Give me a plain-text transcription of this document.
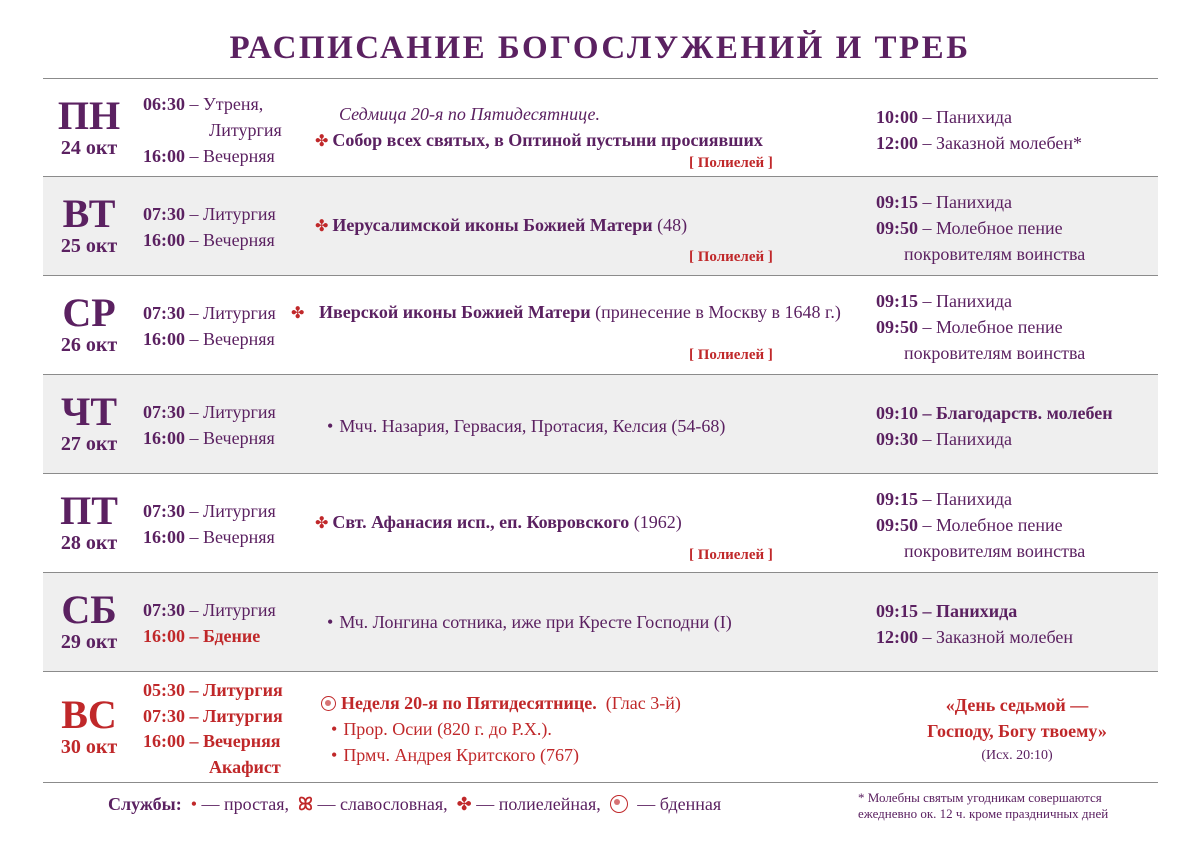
РАСПИСАНИЕ БОГОСЛУЖЕНИЙ И ТРЕБ
ПН
24 окт
06:30 – Утреня,
Литургия
16:00 – Вечерняя
Седмица 20-я по Пятидесятнице.
✤ Собор всех святых, в Оптиной пустыни просиявших
[ Полиелей ]
10:00 – Панихида
12:00 – Заказной молебен*
ВТ
25 окт
07:30 – Литургия
16:00 – Вечерняя
✤ Иерусалимской иконы Божией Матери (48)
[ Полиелей ]
09:15 – Панихида
09:50 – Молебное пение
покровителям воинства
СР
26 окт
07:30 – Литургия
16:00 – Вечерняя
✤ Иверской иконы Божией Матери (принесение в Москву в 1648 г.)
[ Полиелей ]
09:15 – Панихида
09:50 – Молебное пение
покровителям воинства
ЧТ
27 окт
07:30 – Литургия
16:00 – Вечерняя
• Мчч. Назария, Гервасия, Протасия, Келсия (54-68)
09:10 – Благодарств. молебен
09:30 – Панихида
ПТ
28 окт
07:30 – Литургия
16:00 – Вечерняя
✤ Свт. Афанасия исп., еп. Ковровского (1962)
[ Полиелей ]
09:15 – Панихида
09:50 – Молебное пение
покровителям воинства
СБ
29 окт
07:30 – Литургия
16:00 – Бдение
• Мч. Лонгина сотника, иже при Кресте Господни (I)
09:15 – Панихида
12:00 – Заказной молебен
ВС
30 окт
05:30 – Литургия
07:30 – Литургия
16:00 – Вечерняя
Акафист
Неделя 20-я по Пятидесятнице. (Глас 3-й)
• Прор. Осии (820 г. до Р.Х.).
• Прмч. Андрея Критского (767)
«День седьмой —
Господу, Богу твоему»
(Исх. 20:10)
Службы: • — простая, ꕤ — славословная, ✤ — полиелейная, — бденная	* Молебны святым угодникам совершаются
ежедневно ок. 12 ч. кроме праздничных дней
